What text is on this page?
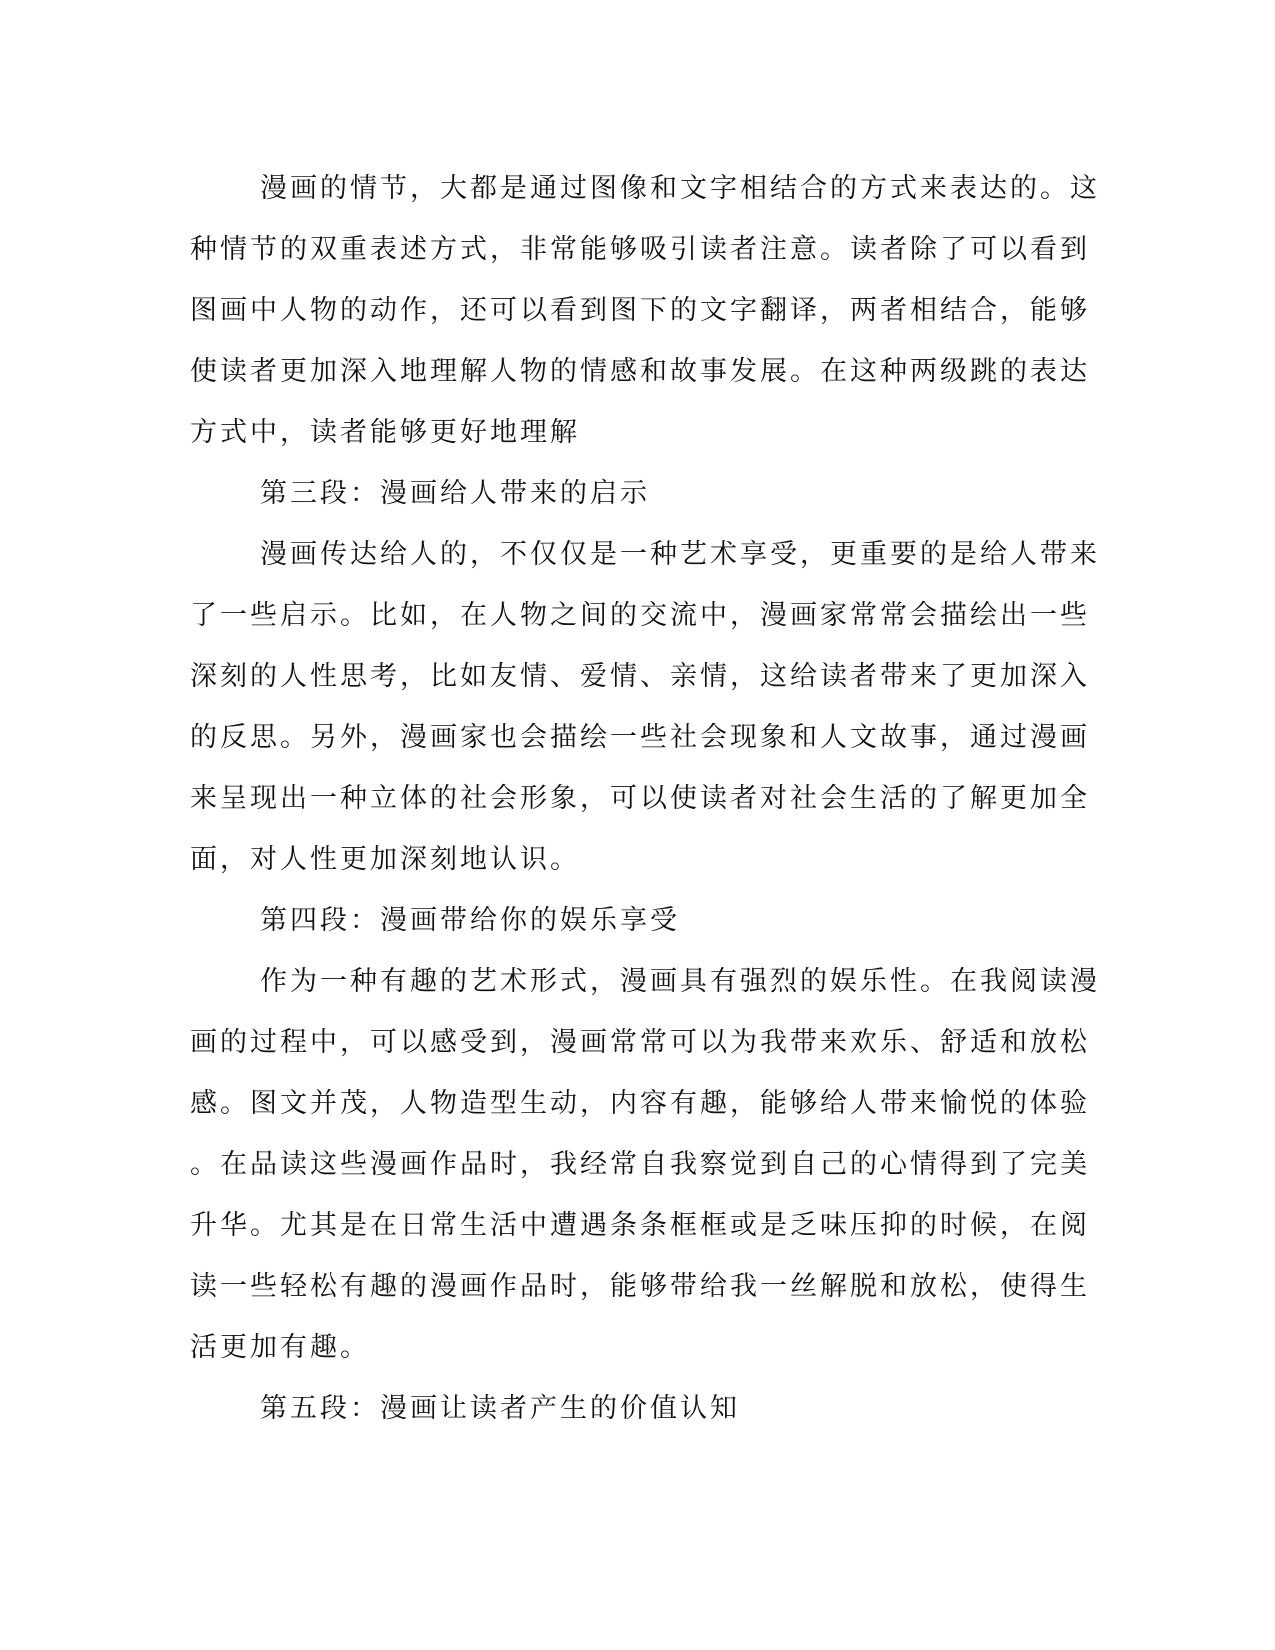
漫画的情节，大都是通过图像和文字相结合的方式来表达的。这
种情节的双重表述方式，非常能够吸引读者注意。读者除了可以看到
图画中人物的动作，还可以看到图下的文字翻译，两者相结合，能够
使读者更加深入地理解人物的情感和故事发展。在这种两级跳的表达
方式中，读者能够更好地理解
第三段：漫画给人带来的启示
漫画传达给人的，不仅仅是一种艺术享受，更重要的是给人带来
了一些启示。比如，在人物之间的交流中，漫画家常常会描绘出一些
深刻的人性思考，比如友情、爱情、亲情，这给读者带来了更加深入
的反思。另外，漫画家也会描绘一些社会现象和人文故事，通过漫画
来呈现出一种立体的社会形象，可以使读者对社会生活的了解更加全
面，对人性更加深刻地认识。
第四段：漫画带给你的娱乐享受
作为一种有趣的艺术形式，漫画具有强烈的娱乐性。在我阅读漫
画的过程中，可以感受到，漫画常常可以为我带来欢乐、舒适和放松
感。图文并茂，人物造型生动，内容有趣，能够给人带来愉悦的体验
。在品读这些漫画作品时，我经常自我察觉到自己的心情得到了完美
升华。尤其是在日常生活中遭遇条条框框或是乏味压抑的时候，在阅
读一些轻松有趣的漫画作品时，能够带给我一丝解脱和放松，使得生
活更加有趣。
第五段：漫画让读者产生的价值认知
